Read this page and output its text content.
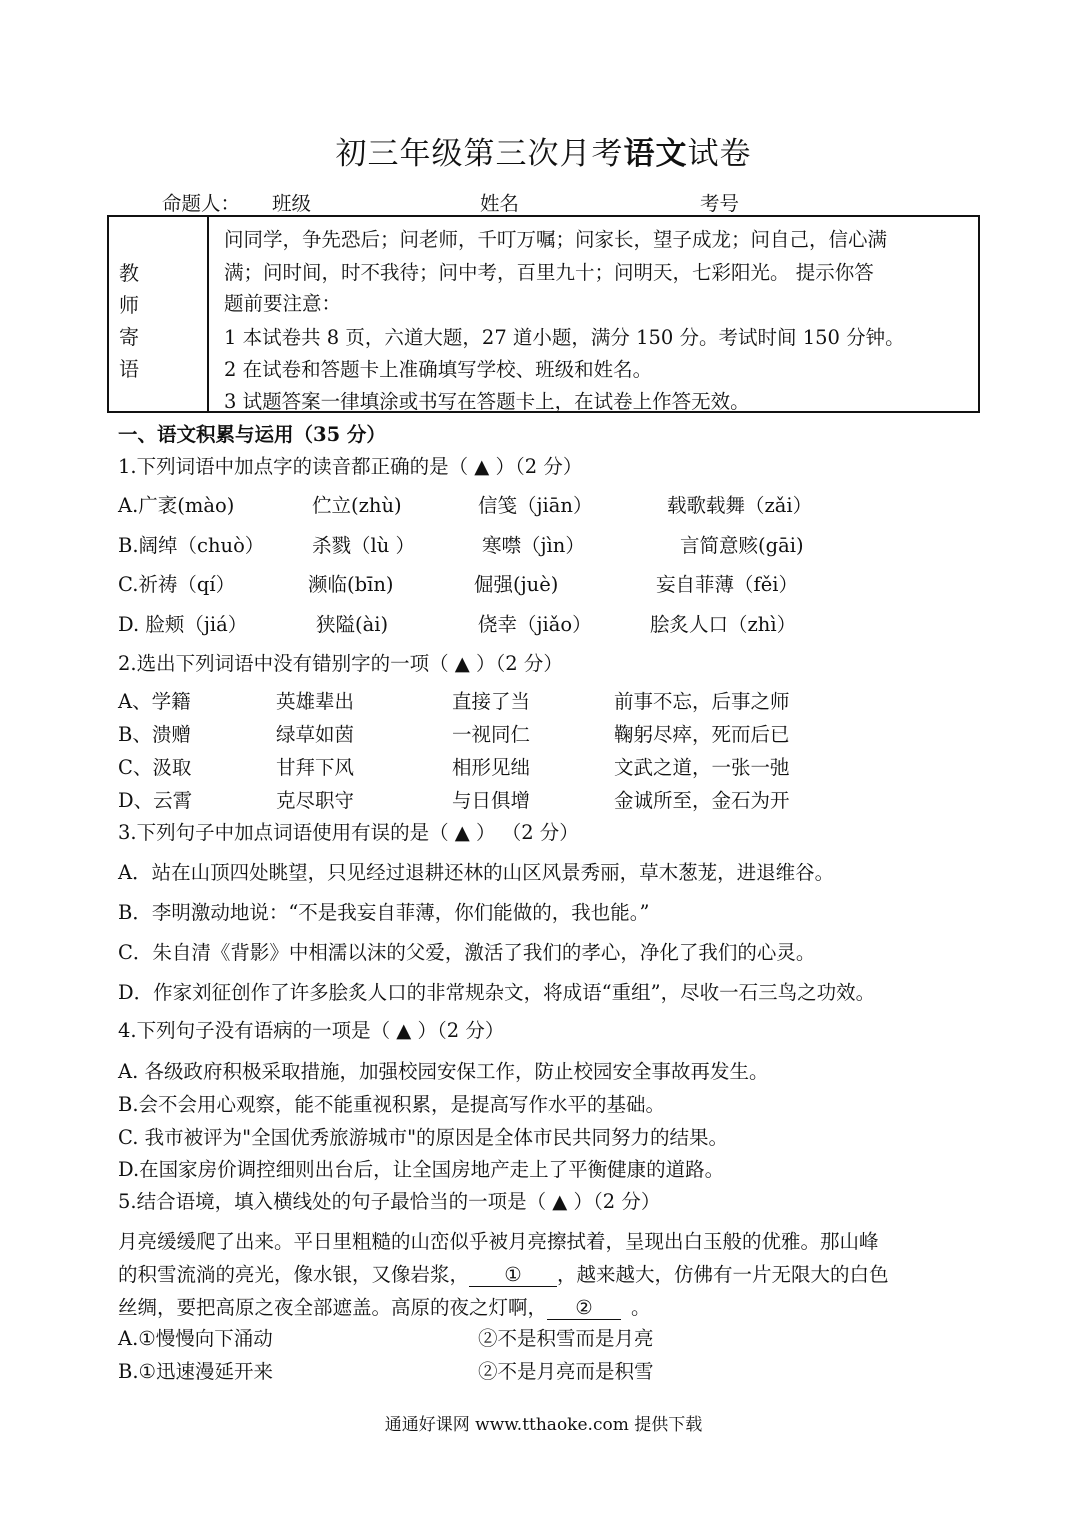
初三年级第三次月考语文试卷
命题人： 班级	姓名	考号
教
师
寄
语

问同学，争先恐后；问老师，千叮万嘱；问家长，望子成龙；问自己，信心满
满；问时间，时不我待；问中考，百里九十；问明天，七彩阳光。 提示你答
题前要注意：
1 本试卷共 8 页，六道大题，27 道小题，满分 150 分。考试时间 150 分钟。
2 在试卷和答题卡上准确填写学校、班级和姓名。
3 试题答案一律填涂或书写在答题卡上，在试卷上作答无效。
一、语文积累与运用（35 分）
1.下列词语中加点字的读音都正确的是（ ▲ ）（2 分）
A.广袤(mào)	伫立(zhù)	信笺（jiān）	载歌载舞（zǎi）
B.阔绰（chuò） 杀戮（lù ）	寒噤（jìn）	言简意赅(gāi)
C.祈祷（qí）	濒临(bīn)	倔强(juè)	妄自菲薄（fěi）
D. 脸颊（jiá）	狭隘(ài)	侥幸（jiǎo）	脍炙人口（zhì）
2.选出下列词语中没有错别字的一项（ ▲ ）（2 分）
A、学籍	英雄辈出	直接了当	前事不忘，后事之师
B、溃赠	绿草如茵	一视同仁	鞠躬尽瘁，死而后已
C、汲取	甘拜下风	相形见绌	文武之道，一张一弛
D、云霄	克尽职守	与日俱增	金诚所至，金石为开
3.下列句子中加点词语使用有误的是（ ▲ ） （2 分）
A．站在山顶四处眺望，只见经过退耕还林的山区风景秀丽，草木葱茏，进退维谷。
B．李明激动地说：“不是我妄自菲薄，你们能做的，我也能。”
C．朱自清《背影》中相濡以沫的父爱，激活了我们的孝心，净化了我们的心灵。
D．作家刘征创作了许多脍炙人口的非常规杂文，将成语“重组”，尽收一石三鸟之功效。
4.下列句子没有语病的一项是（ ▲ ）（2 分）
A. 各级政府积极采取措施，加强校园安保工作，防止校园安全事故再发生。
B.会不会用心观察，能不能重视积累，是提高写作水平的基础。
C. 我市被评为"全国优秀旅游城市"的原因是全体市民共同努力的结果。
D.在国家房价调控细则出台后，让全国房地产走上了平衡健康的道路。
5.结合语境，填入横线处的句子最恰当的一项是（ ▲ ）（2 分）
月亮缓缓爬了出来。平日里粗糙的山峦似乎被月亮擦拭着，呈现出白玉般的优雅。那山峰
的积雪流淌的亮光，像水银，又像岩浆， ① ，越来越大，仿佛有一片无限大的白色
丝绸，要把高原之夜全部遮盖。高原的夜之灯啊， ② 。
A.①慢慢向下涌动	②不是积雪而是月亮
B.①迅速漫延开来	②不是月亮而是积雪
通通好课网 www.tthaoke.com 提供下载
